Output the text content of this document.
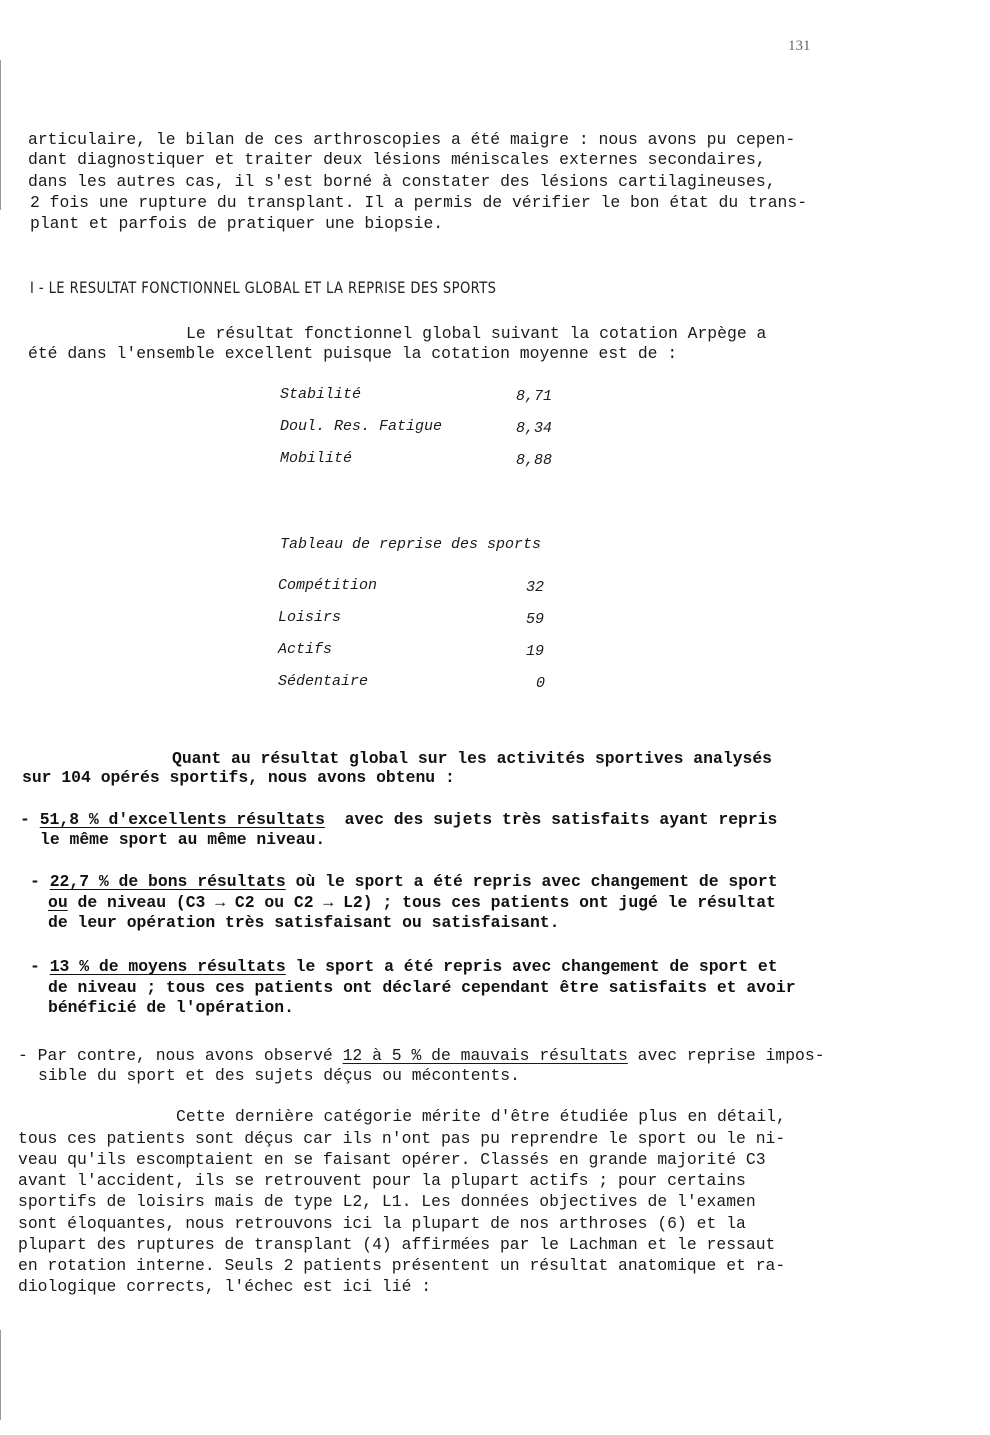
131
articulaire, le bilan de ces arthroscopies a été maigre : nous avons pu cepen-
dant diagnostiquer et traiter deux lésions méniscales externes secondaires,
dans les autres cas, il s'est borné à constater des lésions cartilagineuses,
2 fois une rupture du transplant. Il a permis de vérifier le bon état du trans-
plant et parfois de pratiquer une biopsie.
I - LE RESULTAT FONCTIONNEL GLOBAL ET LA REPRISE DES SPORTS
Le résultat fonctionnel global suivant la cotation Arpège a
été dans l'ensemble excellent puisque la cotation moyenne est de :
Stabilité	8,71
Doul. Res. Fatigue	8,34
Mobilité	8,88
Tableau de reprise des sports
Compétition	32
Loisirs	59
Actifs	19
Sédentaire	0
Quant au résultat global sur les activités sportives analysés
sur 104 opérés sportifs, nous avons obtenu :
- 51,8 % d'excellents résultats  avec des sujets très satisfaits ayant repris
le même sport au même niveau.
- 22,7 % de bons résultats où le sport a été repris avec changement de sport
ou de niveau (C3 → C2 ou C2 → L2) ; tous ces patients ont jugé le résultat
de leur opération très satisfaisant ou satisfaisant.
- 13 % de moyens résultats le sport a été repris avec changement de sport et
de niveau ; tous ces patients ont déclaré cependant être satisfaits et avoir
bénéficié de l'opération.
- Par contre, nous avons observé 12 à 5 % de mauvais résultats avec reprise impos-
sible du sport et des sujets déçus ou mécontents.
Cette dernière catégorie mérite d'être étudiée plus en détail,
tous ces patients sont déçus car ils n'ont pas pu reprendre le sport ou le ni-
veau qu'ils escomptaient en se faisant opérer. Classés en grande majorité C3
avant l'accident, ils se retrouvent pour la plupart actifs ; pour certains
sportifs de loisirs mais de type L2, L1. Les données objectives de l'examen
sont éloquantes, nous retrouvons ici la plupart de nos arthroses (6) et la
plupart des ruptures de transplant (4) affirmées par le Lachman et le ressaut
en rotation interne. Seuls 2 patients présentent un résultat anatomique et ra-
diologique corrects, l'échec est ici lié :
